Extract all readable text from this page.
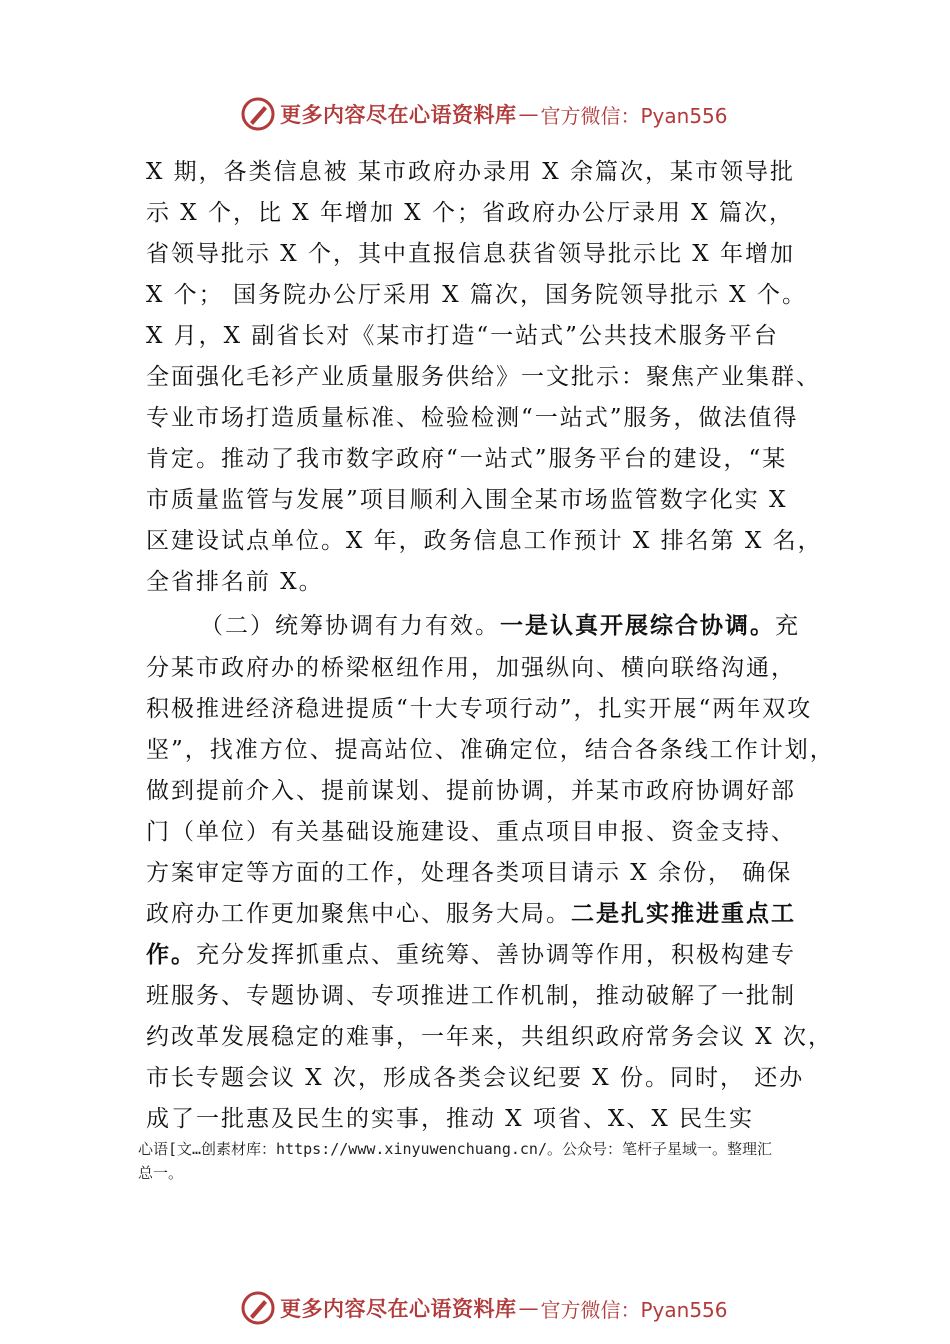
更多内容尽在心语资料库 — 官方微信：Pyan556
X 期，各类信息被 某市政府办录用 X 余篇次，某市领导批
示 X 个，比 X 年增加 X 个；省政府办公厅录用 X 篇次，
省领导批示 X 个，其中直报信息获省领导批示比 X 年增加
X 个； 国务院办公厅采用 X 篇次，国务院领导批示 X 个。
X 月，X 副省长对《某市打造“一站式”公共技术服务平台
全面强化毛衫产业质量服务供给》一文批示：聚焦产业集群、
专业市场打造质量标准、检验检测“一站式”服务，做法值得
肯定。推动了我市数字政府“一站式”服务平台的建设，“某
市质量监管与发展”项目顺利入围全某市场监管数字化实 X
区建设试点单位。X 年，政务信息工作预计 X 排名第 X 名，
全省排名前 X。
（二）统筹协调有力有效。一是认真开展综合协调。充
分某市政府办的桥梁枢纽作用，加强纵向、横向联络沟通，
积极推进经济稳进提质“十大专项行动”，扎实开展“两年双攻
坚”，找准方位、提高站位、准确定位，结合各条线工作计划，
做到提前介入、提前谋划、提前协调，并某市政府协调好部
门（单位）有关基础设施建设、重点项目申报、资金支持、
方案审定等方面的工作，处理各类项目请示 X 余份， 确保
政府办工作更加聚焦中心、服务大局。二是扎实推进重点工
作。充分发挥抓重点、重统筹、善协调等作用，积极构建专
班服务、专题协调、专项推进工作机制，推动破解了一批制
约改革发展稳定的难事，一年来，共组织政府常务会议 X 次，
市长专题会议 X 次，形成各类会议纪要 X 份。同时， 还办
成了一批惠及民生的实事，推动 X 项省、X、X 民生实
心语[文…创素材库：https://www.xinyuwenchuang.cn/。公众号：笔杆子星域一。整理汇
总一。
更多内容尽在心语资料库 — 官方微信：Pyan556
